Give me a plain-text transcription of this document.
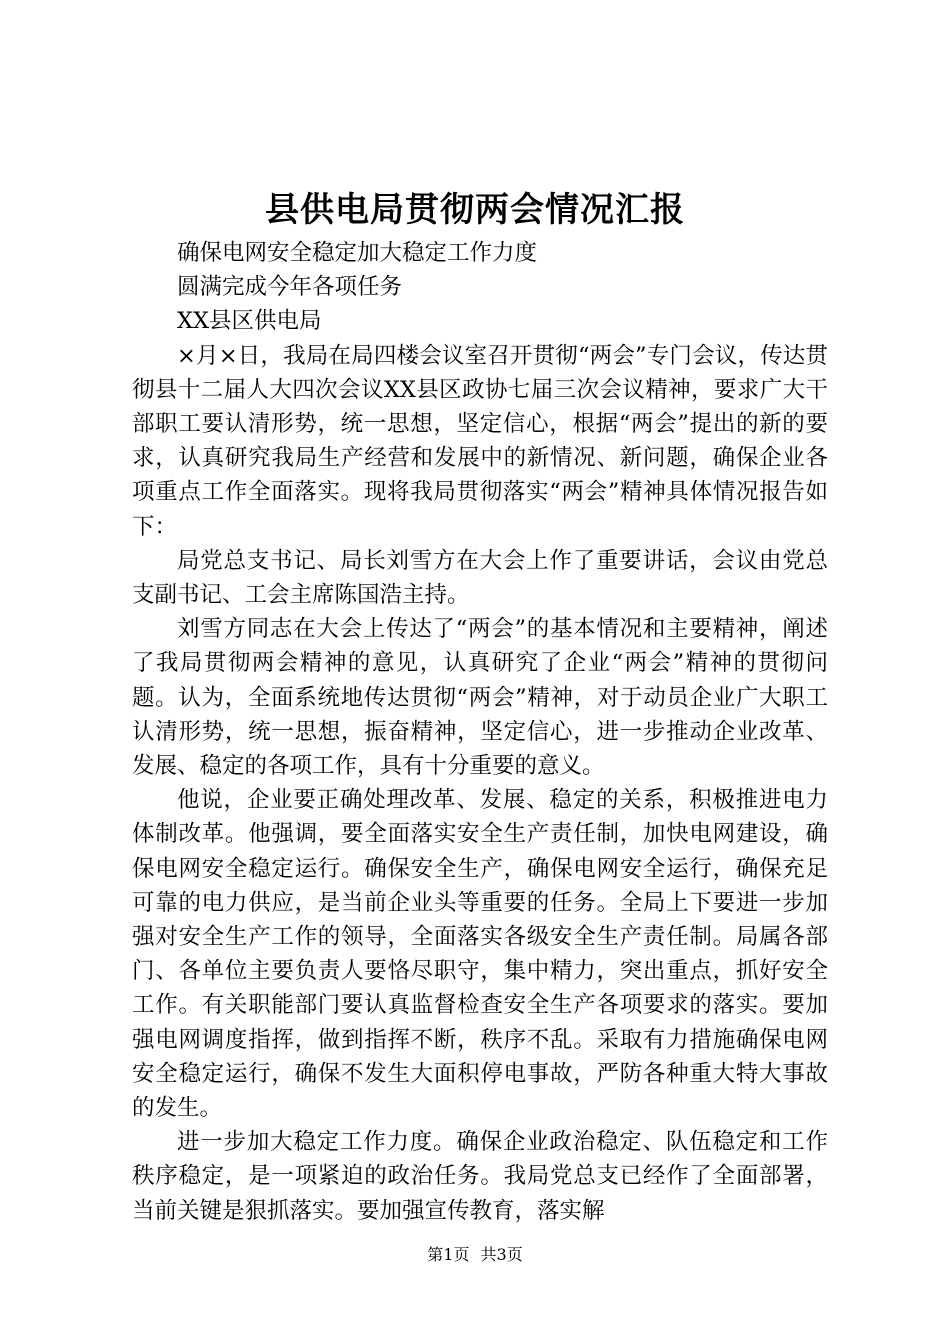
县供电局贯彻两会情况汇报

确保电网安全稳定加大稳定工作力度

圆满完成今年各项任务

XX县区供电局

×月×日，我局在局四楼会议室召开贯彻“两会”专门会议，传达贯彻县十二届人大四次会议XX县区政协七届三次会议精神，要求广大干部职工要认清形势，统一思想，坚定信心，根据“两会”提出的新的要求，认真研究我局生产经营和发展中的新情况、新问题，确保企业各项重点工作全面落实。现将我局贯彻落实“两会”精神具体情况报告如下：

局党总支书记、局长刘雪方在大会上作了重要讲话，会议由党总支副书记、工会主席陈国浩主持。

刘雪方同志在大会上传达了“两会”的基本情况和主要精神，阐述了我局贯彻两会精神的意见，认真研究了企业“两会”精神的贯彻问题。认为，全面系统地传达贯彻“两会”精神，对于动员企业广大职工认清形势，统一思想，振奋精神，坚定信心，进一步推动企业改革、发展、稳定的各项工作，具有十分重要的意义。

他说，企业要正确处理改革、发展、稳定的关系，积极推进电力体制改革。他强调，要全面落实安全生产责任制，加快电网建设，确保电网安全稳定运行。确保安全生产，确保电网安全运行，确保充足可靠的电力供应，是当前企业头等重要的任务。全局上下要进一步加强对安全生产工作的领导，全面落实各级安全生产责任制。局属各部门、各单位主要负责人要恪尽职守，集中精力，突出重点，抓好安全工作。有关职能部门要认真监督检查安全生产各项要求的落实。要加强电网调度指挥，做到指挥不断，秩序不乱。采取有力措施确保电网安全稳定运行，确保不发生大面积停电事故，严防各种重大特大事故的发生。

进一步加大稳定工作力度。确保企业政治稳定、队伍稳定和工作秩序稳定，是一项紧迫的政治任务。我局党总支已经作了全面部署，当前关键是狠抓落实。要加强宣传教育，落实解

第1页 共3页
